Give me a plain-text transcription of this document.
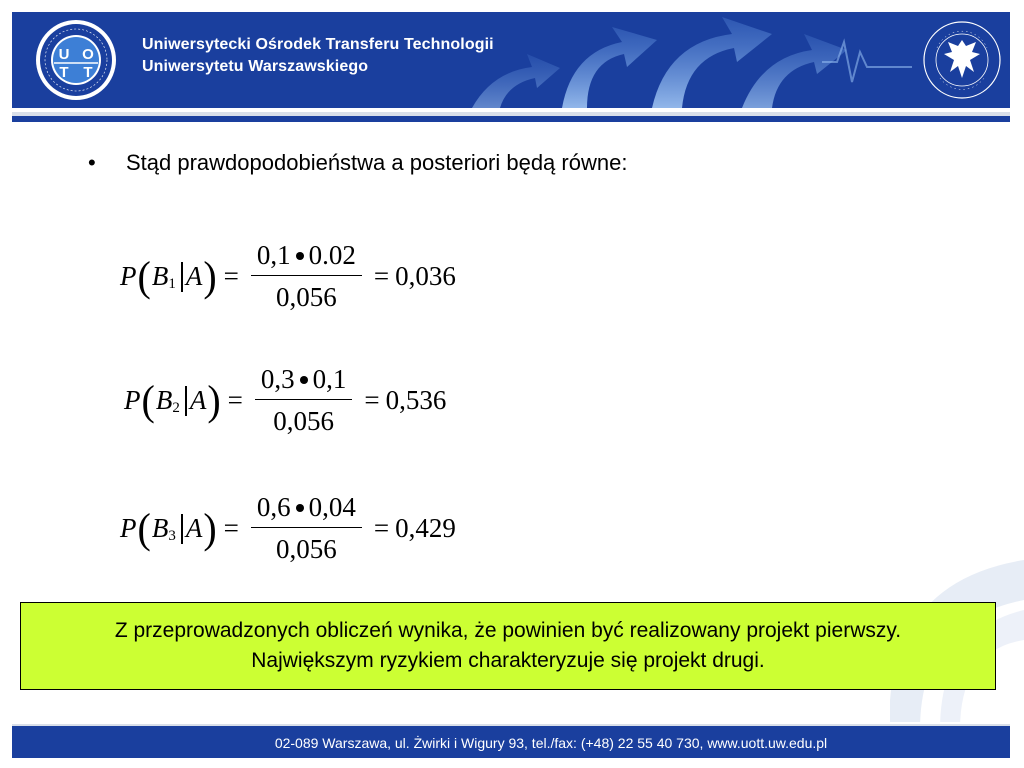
U O
T T
Uniwersytecki Ośrodek Transferu Technologii
Uniwersytetu Warszawskiego
• Stąd prawdopodobieństwa a posteriori będą równe:
P ( B 1 A ) = $\frac{0,1 0.02}{0,056} = 0,036$
P ( B 2 A ) = $\frac{0,3 0,1}{0,056} = 0,536$
P ( B 3 A ) = $\frac{0,6 0,04}{0,056} = 0,429$
Z przeprowadzonych obliczeń wynika, że powinien być realizowany projekt pierwszy.
Największym ryzykiem charakteryzuje się projekt drugi.
02-089 Warszawa, ul. Żwirki i Wigury 93, tel./fax: (+48) 22 55 40 730, www.uott.uw.edu.pl
